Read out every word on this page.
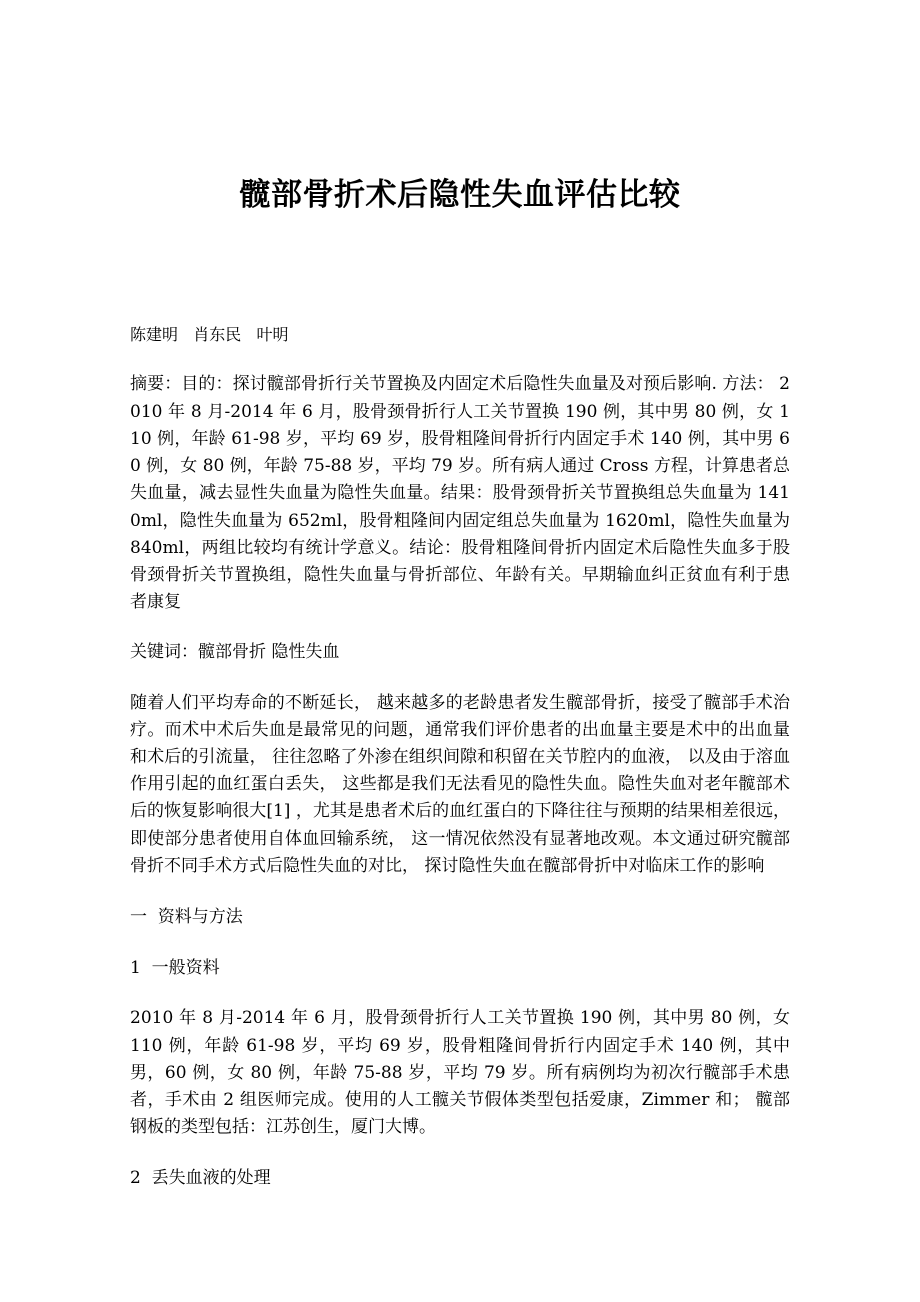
髋部骨折术后隐性失血评估比较

陈建明   肖东民   叶明

摘要：目的：探讨髋部骨折行关节置换及内固定术后隐性失血量及对预后影响. 方法： 2010 年 8 月-2014 年 6 月，股骨颈骨折行人工关节置换 190 例，其中男 80 例，女 110 例，年龄 61-98 岁，平均 69 岁，股骨粗隆间骨折行内固定手术 140 例，其中男 60 例，女 80 例，年龄 75-88 岁，平均 79 岁。所有病人通过 Cross 方程，计算患者总失血量，减去显性失血量为隐性失血量。结果：股骨颈骨折关节置换组总失血量为 1410ml，隐性失血量为 652ml，股骨粗隆间内固定组总失血量为 1620ml，隐性失血量为 840ml，两组比较均有统计学意义。结论：股骨粗隆间骨折内固定术后隐性失血多于股骨颈骨折关节置换组，隐性失血量与骨折部位、年龄有关。早期输血纠正贫血有利于患者康复

关键词：髋部骨折 隐性失血

随着人们平均寿命的不断延长， 越来越多的老龄患者发生髋部骨折，接受了髋部手术治疗。而术中术后失血是最常见的问题，通常我们评价患者的出血量主要是术中的出血量和术后的引流量， 往往忽略了外渗在组织间隙和积留在关节腔内的血液， 以及由于溶血作用引起的血红蛋白丢失， 这些都是我们无法看见的隐性失血。隐性失血对老年髋部术后的恢复影响很大[1] ，尤其是患者术后的血红蛋白的下降往往与预期的结果相差很远， 即使部分患者使用自体血回输系统， 这一情况依然没有显著地改观。本文通过研究髋部骨折不同手术方式后隐性失血的对比， 探讨隐性失血在髋部骨折中对临床工作的影响

一  资料与方法

1  一般资料

2010 年 8 月-2014 年 6 月，股骨颈骨折行人工关节置换 190 例，其中男 80 例，女 110 例，年龄 61-98 岁，平均 69 岁，股骨粗隆间骨折行内固定手术 140 例，其中男，60 例，女 80 例，年龄 75-88 岁，平均 79 岁。所有病例均为初次行髋部手术患者，手术由 2 组医师完成。使用的人工髋关节假体类型包括爱康，Zimmer 和； 髋部钢板的类型包括：江苏创生，厦门大博。

2  丢失血液的处理
